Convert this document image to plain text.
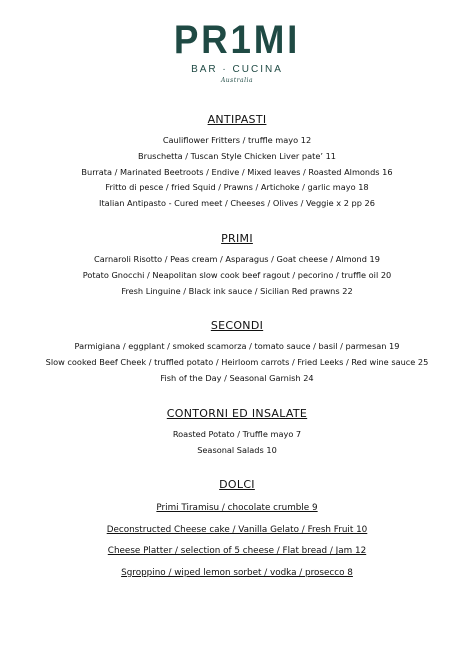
PR1MI
BAR · CUCINA
Australia
ANTIPASTI
Cauliflower Fritters / truffle mayo 12
Bruschetta / Tuscan Style Chicken Liver pate’ 11
Burrata / Marinated Beetroots / Endive / Mixed leaves / Roasted Almonds 16
Fritto di pesce / fried Squid / Prawns / Artichoke / garlic mayo 18
Italian Antipasto - Cured meet / Cheeses / Olives / Veggie x 2 pp 26
PRIMI
Carnaroli Risotto / Peas cream / Asparagus / Goat cheese / Almond 19
Potato Gnocchi / Neapolitan slow cook beef ragout / pecorino / truffle oil 20
Fresh Linguine / Black ink sauce / Sicilian Red prawns 22
SECONDI
Parmigiana / eggplant / smoked scamorza / tomato sauce / basil / parmesan 19
Slow cooked Beef Cheek / truffled potato / Heirloom carrots / Fried Leeks / Red wine sauce 25
Fish of the Day / Seasonal Garnish 24
CONTORNI ED INSALATE
Roasted Potato / Truffle mayo 7
Seasonal Salads 10
DOLCI
Primi Tiramisu / chocolate crumble 9
Deconstructed Cheese cake / Vanilla Gelato / Fresh Fruit 10
Cheese Platter / selection of 5 cheese / Flat bread / Jam 12
Sgroppino / wiped lemon sorbet / vodka / prosecco 8
